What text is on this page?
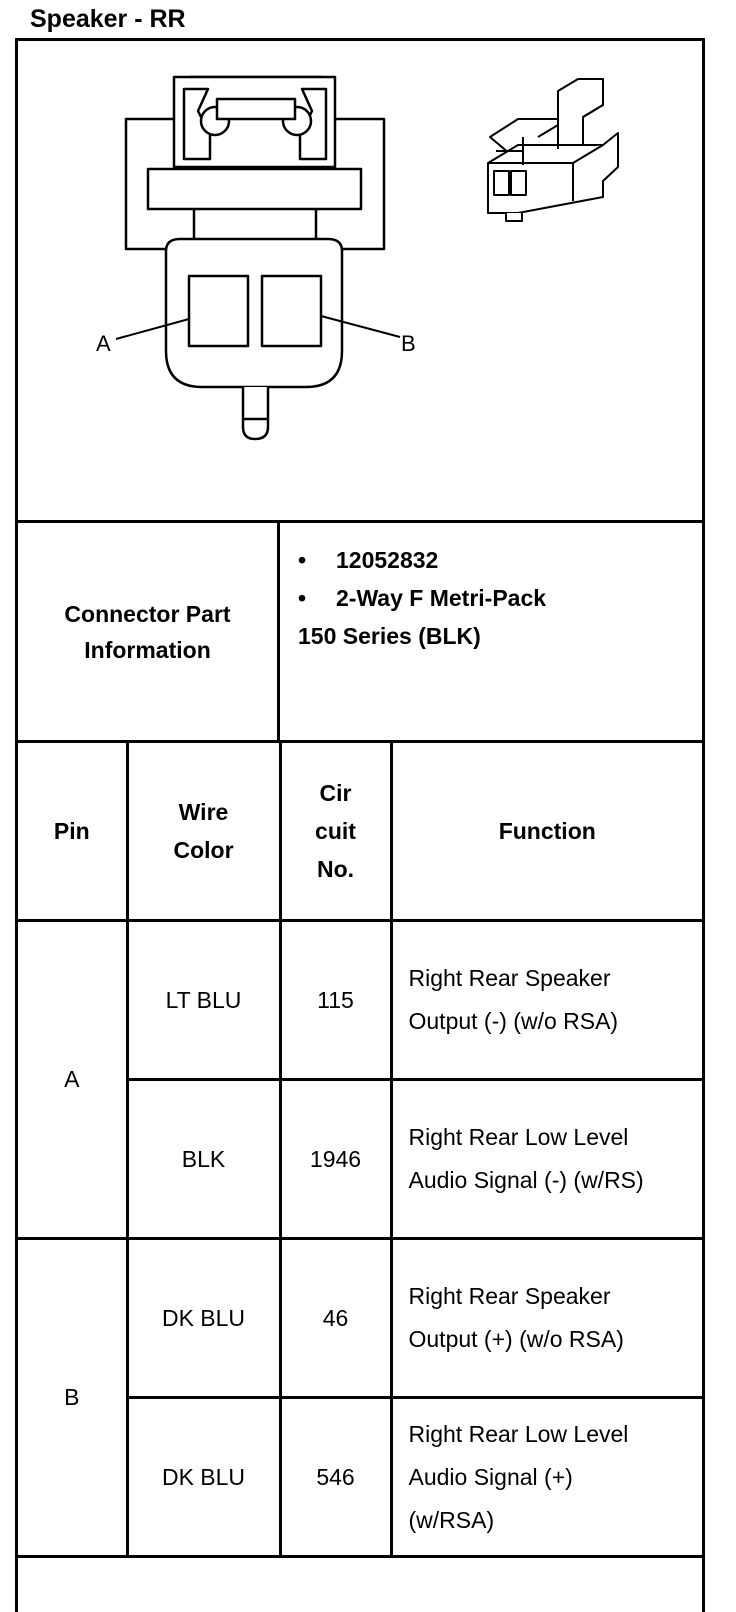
Speaker - RR
A	B
Connector Part Information
• 12052832
• 2-Way F Metri-Pack
150 Series (BLK)
Pin	Wire Color	Cir cuit No.	Function
A	LT BLU	115	Right Rear Speaker Output (-) (w/o RSA)

	BLK	1946	Right Rear Low Level Audio Signal (-) (w/RS)

B	DK BLU	46	Right Rear Speaker Output (+) (w/o RSA)

	DK BLU	546	Right Rear Low Level Audio Signal (+) (w/RSA)
